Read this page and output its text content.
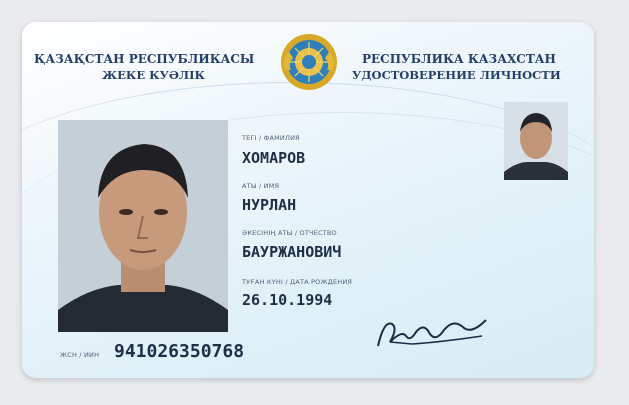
ҚАЗАҚСТАН РЕСПУБЛИКАСЫ
ЖЕКЕ КУӘЛІК
РЕСПУБЛИКА КАЗАХСТАН
УДОСТОВЕРЕНИЕ ЛИЧНОСТИ
ТЕГІ / ФАМИЛИЯ
ХОМАРОВ
АТЫ / ИМЯ
НУРЛАН
ӘКЕСІНІҢ АТЫ / ОТЧЕСТВО
БАУРЖАНОВИЧ
ТУҒАН КҮНІ / ДАТА РОЖДЕНИЯ
26.10.1994
ЖСН / ИИН 941026350768
